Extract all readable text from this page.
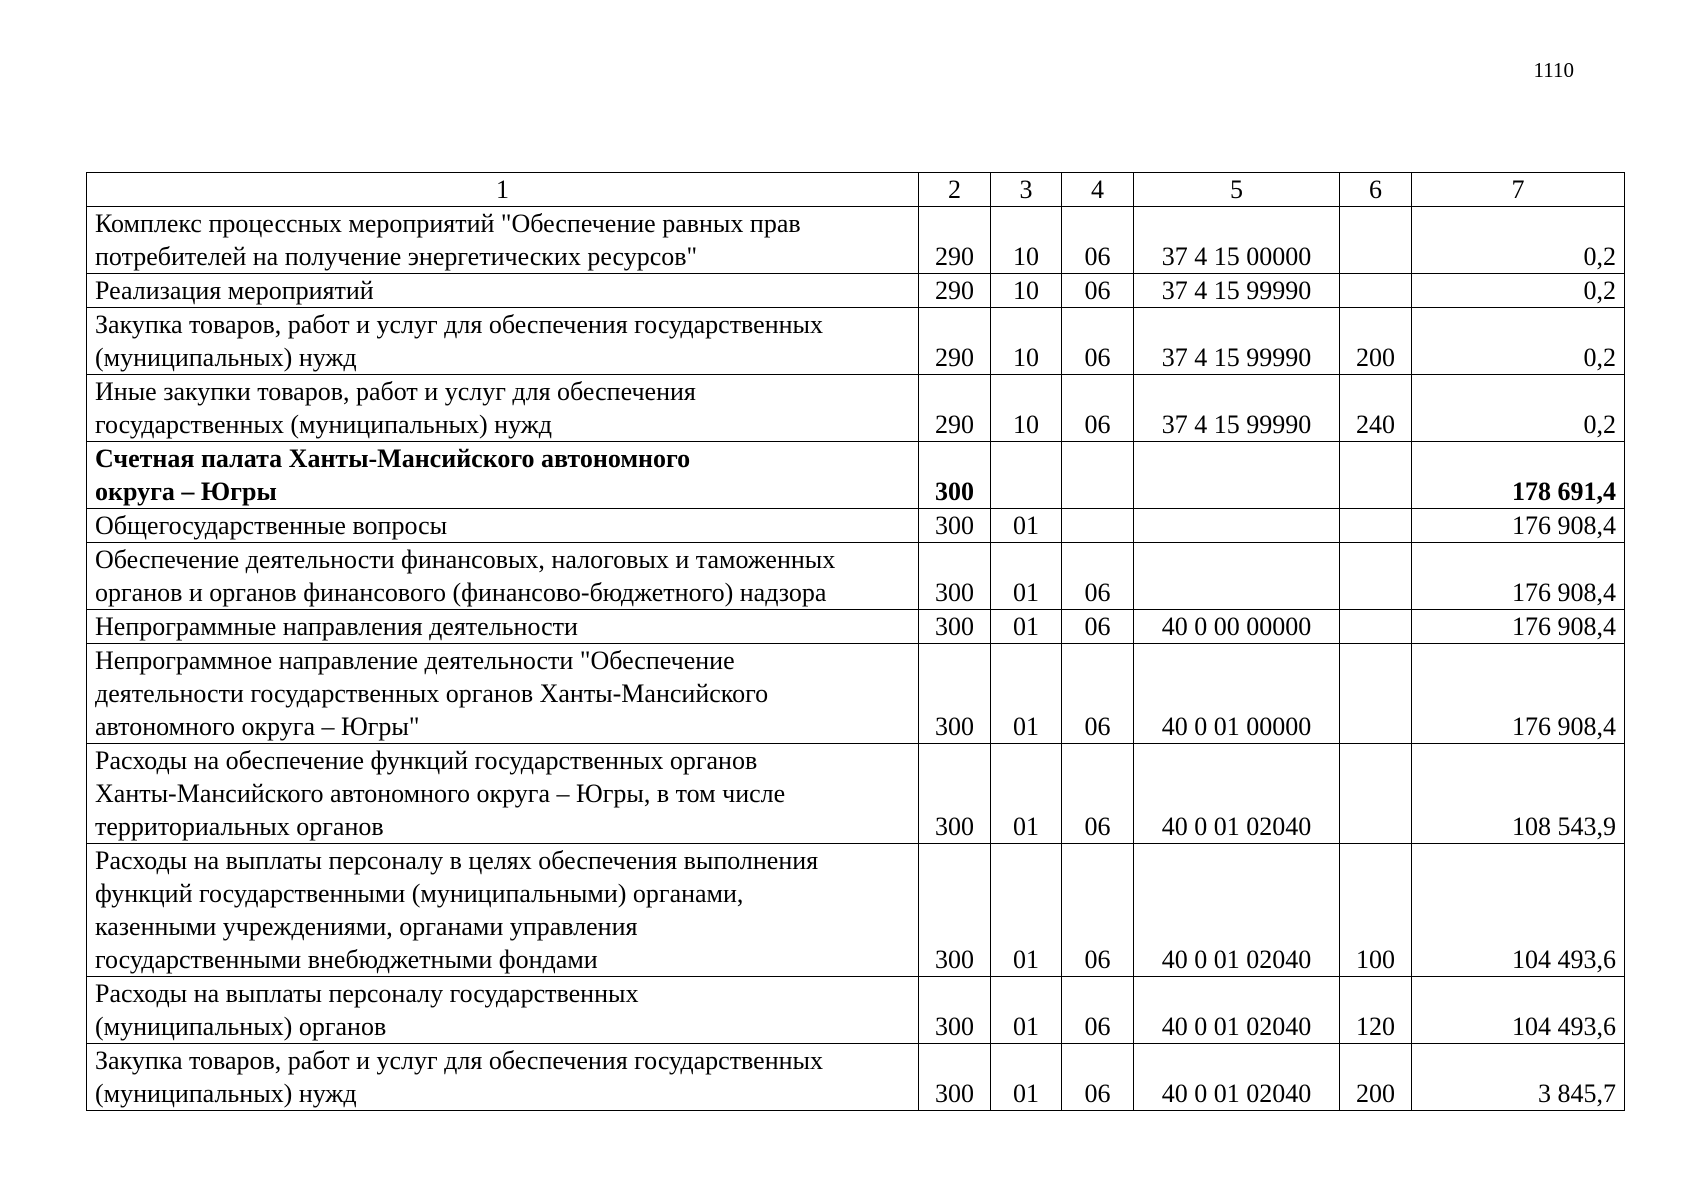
1110
1	2	3	4	5	6	7

Комплекс процессных мероприятий "Обеспечение равных прав
потребителей на получение энергетических ресурсов"	290	10	06	37 4 15 00000		0,2

Реализация мероприятий	290	10	06	37 4 15 99990		0,2

Закупка товаров, работ и услуг для обеспечения государственных
(муниципальных) нужд	290	10	06	37 4 15 99990	200	0,2

Иные закупки товаров, работ и услуг для обеспечения
государственных (муниципальных) нужд	290	10	06	37 4 15 99990	240	0,2

Счетная палата Ханты-Мансийского автономного
округа – Югры	300					178 691,4

Общегосударственные вопросы	300	01				176 908,4

Обеспечение деятельности финансовых, налоговых и таможенных
органов и органов финансового (финансово-бюджетного) надзора	300	01	06			176 908,4

Непрограммные направления деятельности	300	01	06	40 0 00 00000		176 908,4

Непрограммное направление деятельности "Обеспечение
деятельности государственных органов Ханты-Мансийского
автономного округа – Югры"	300	01	06	40 0 01 00000		176 908,4

Расходы на обеспечение функций государственных органов
Ханты-Мансийского автономного округа – Югры, в том числе
территориальных органов	300	01	06	40 0 01 02040		108 543,9

Расходы на выплаты персоналу в целях обеспечения выполнения
функций государственными (муниципальными) органами,
казенными учреждениями, органами управления
государственными внебюджетными фондами	300	01	06	40 0 01 02040	100	104 493,6

Расходы на выплаты персоналу государственных
(муниципальных) органов	300	01	06	40 0 01 02040	120	104 493,6

Закупка товаров, работ и услуг для обеспечения государственных
(муниципальных) нужд	300	01	06	40 0 01 02040	200	3 845,7
